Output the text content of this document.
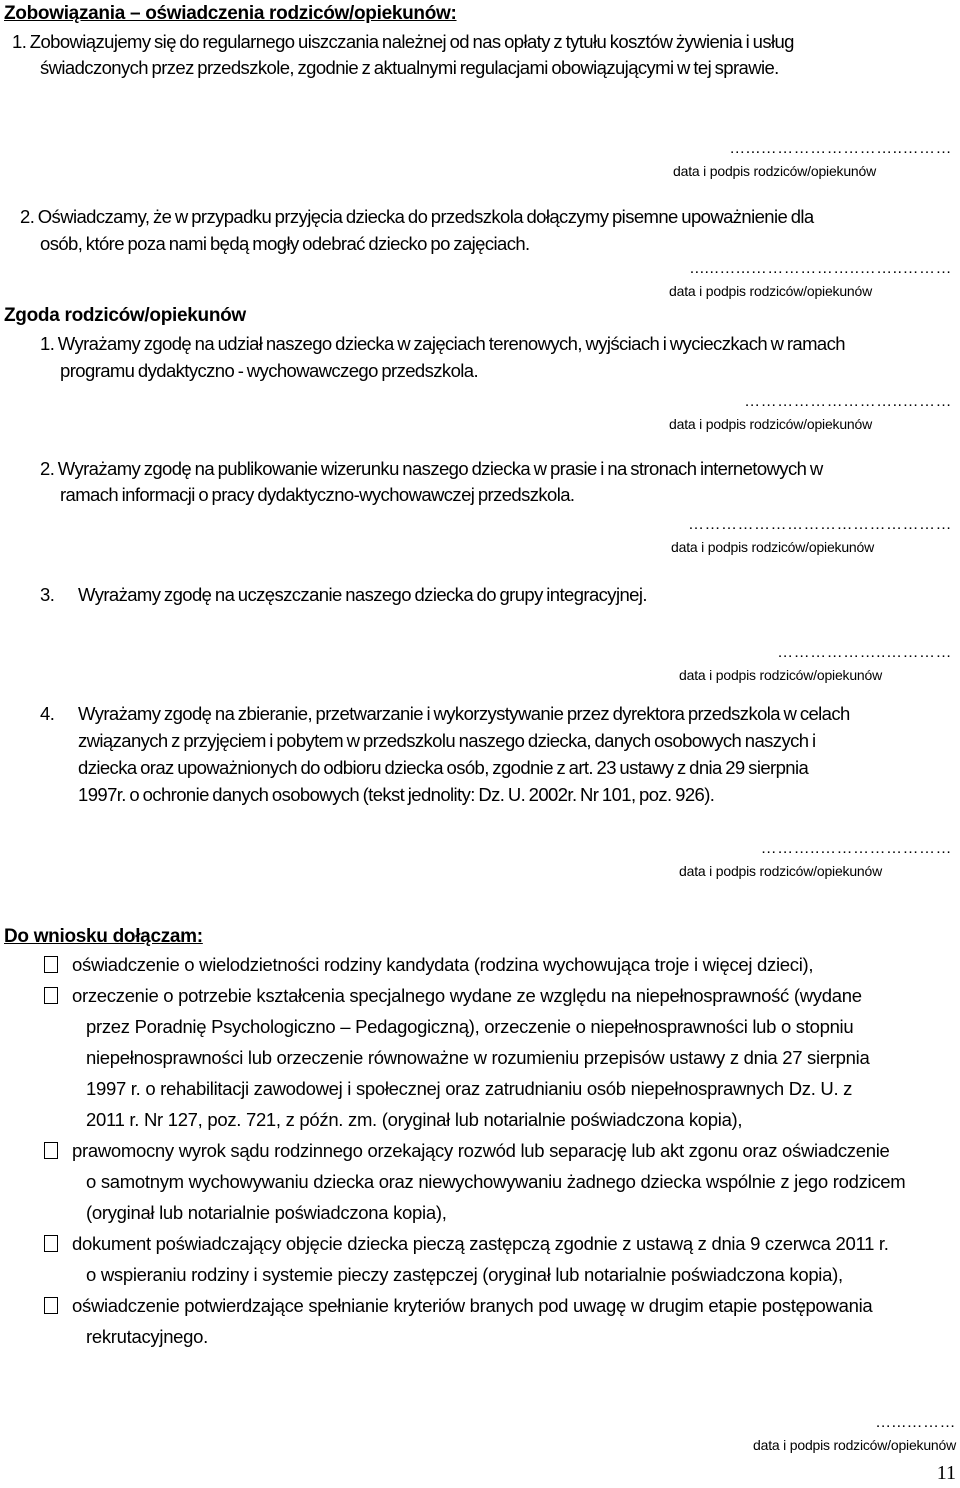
Zobowiązania – oświadczenia rodziców/opiekunów:
1. Zobowiązujemy się do regularnego uiszczania należnej od nas opłaty z tytułu kosztów żywienia i usług
świadczonych przez przedszkole, zgodnie z aktualnymi regulacjami obowiązującymi w tej sprawie.
…...……………………..………
data i podpis rodziców/opiekunów
2. Oświadczamy, że w przypadku przyjęcia dziecka do przedszkola dołączymy pisemne upoważnienie dla
osób, które poza nami będą mogły odebrać dziecko po zajęciach.
......…...………………..……..………
data i podpis rodziców/opiekunów
Zgoda rodziców/opiekunów
1. Wyrażamy zgodę na udział naszego dziecka w zajęciach terenowych, wyjściach i wycieczkach w ramach
programu dydaktyczno - wychowawczego przedszkola.
………………………..………
data i podpis rodziców/opiekunów
2. Wyrażamy zgodę na publikowanie wizerunku naszego dziecka w prasie i na stronach internetowych w
ramach informacji o pracy dydaktyczno-wychowawczej przedszkola.
…………………………………………
data i podpis rodziców/opiekunów
3. Wyrażamy zgodę na uczęszczanie naszego dziecka do grupy integracyjnej.
………………..…………
data i podpis rodziców/opiekunów
4. Wyrażamy zgodę na zbieranie, przetwarzanie i wykorzystywanie przez dyrektora przedszkola w celach
związanych z przyjęciem i pobytem w przedszkolu naszego dziecka, danych osobowych naszych i
dziecka oraz upoważnionych do odbioru dziecka osób, zgodnie z art. 23 ustawy z dnia 29 sierpnia
1997r. o ochronie danych osobowych (tekst jednolity: Dz. U. 2002r. Nr 101, poz. 926).
………..……………………
data i podpis rodziców/opiekunów
Do wniosku dołączam:
oświadczenie o wielodzietności rodziny kandydata (rodzina wychowująca troje i więcej dzieci),
orzeczenie o potrzebie kształcenia specjalnego wydane ze względu na niepełnosprawność (wydane
przez Poradnię Psychologiczno – Pedagogiczną), orzeczenie o niepełnosprawności lub o stopniu
niepełnosprawności lub orzeczenie równoważne w rozumieniu przepisów ustawy z dnia 27 sierpnia
1997 r. o rehabilitacji zawodowej i społecznej oraz zatrudnianiu osób niepełnosprawnych Dz. U. z
2011 r. Nr 127, poz. 721, z późn. zm. (oryginał lub notarialnie poświadczona kopia),
prawomocny wyrok sądu rodzinnego orzekający rozwód lub separację lub akt zgonu oraz oświadczenie
o samotnym wychowywaniu dziecka oraz niewychowywaniu żadnego dziecka wspólnie z jego rodzicem
(oryginał lub notarialnie poświadczona kopia),
dokument poświadczający objęcie dziecka pieczą zastępczą zgodnie z ustawą z dnia 9 czerwca 2011 r.
o wspieraniu rodziny i systemie pieczy zastępczej (oryginał lub notarialnie poświadczona kopia),
oświadczenie potwierdzające spełnianie kryteriów branych pod uwagę w drugim etapie postępowania
rekrutacyjnego.
…...………
data i podpis rodziców/opiekunów
11
